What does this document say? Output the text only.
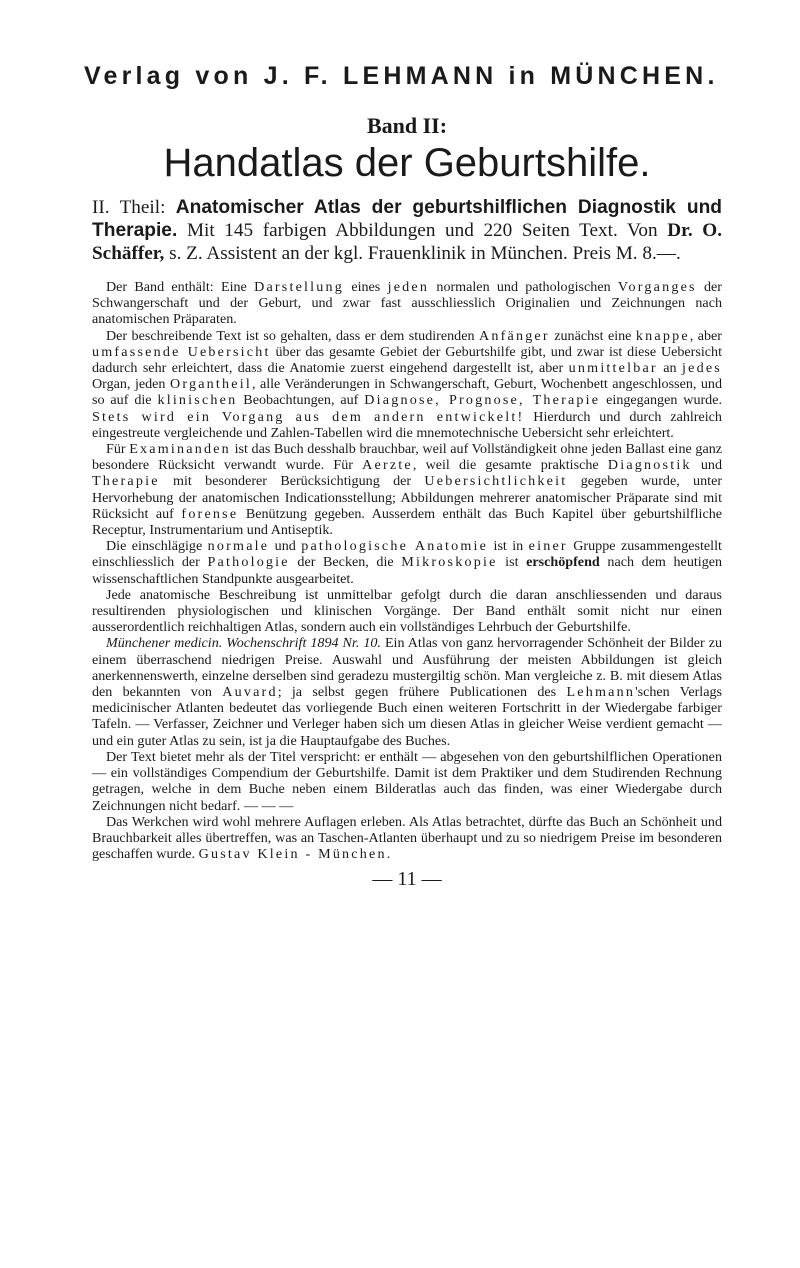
Verlag von J. F. LEHMANN in MÜNCHEN.
Band II:
Handatlas der Geburtshilfe.
II. Theil: Anatomischer Atlas der geburtshilflichen Diagnostik und Therapie. Mit 145 farbigen Abbildungen und 220 Seiten Text. Von Dr. O. Schäffer, s. Z. Assistent an der kgl. Frauenklinik in München. Preis M. 8.—.

Der Band enthält: Eine Darstellung eines jeden normalen und pathologischen Vorganges der Schwangerschaft und der Geburt, und zwar fast ausschliesslich Originalien und Zeichnungen nach anatomischen Präparaten.

Der beschreibende Text ist so gehalten, dass er dem studirenden Anfänger zunächst eine knappe, aber umfassende Uebersicht über das gesamte Gebiet der Geburtshilfe gibt, und zwar ist diese Uebersicht dadurch sehr erleichtert, dass die Anatomie zuerst eingehend dargestellt ist, aber unmittelbar an jedes Organ, jeden Organtheil, alle Veränderungen in Schwangerschaft, Geburt, Wochenbett angeschlossen, und so auf die klinischen Beobachtungen, auf Diagnose, Prognose, Therapie eingegangen wurde. Stets wird ein Vorgang aus dem andern entwickelt! Hierdurch und durch zahlreich eingestreute vergleichende und Zahlen-Tabellen wird die mnemotechnische Uebersicht sehr erleichtert.

Für Examinanden ist das Buch desshalb brauchbar, weil auf Vollständigkeit ohne jeden Ballast eine ganz besondere Rücksicht verwandt wurde. Für Aerzte, weil die gesamte praktische Diagnostik und Therapie mit besonderer Berücksichtigung der Uebersichtlichkeit gegeben wurde, unter Hervorhebung der anatomischen Indicationsstellung; Abbildungen mehrerer anatomischer Präparate sind mit Rücksicht auf forense Benützung gegeben. Ausserdem enthält das Buch Kapitel über geburtshilfliche Receptur, Instrumentarium und Antiseptik.

Die einschlägige normale und pathologische Anatomie ist in einer Gruppe zusammengestellt einschliesslich der Pathologie der Becken, die Mikroskopie ist erschöpfend nach dem heutigen wissenschaftlichen Standpunkte ausgearbeitet.

Jede anatomische Beschreibung ist unmittelbar gefolgt durch die daran anschliessenden und daraus resultirenden physiologischen und klinischen Vorgänge. Der Band enthält somit nicht nur einen ausserordentlich reichhaltigen Atlas, sondern auch ein vollständiges Lehrbuch der Geburtshilfe.

Münchener medicin. Wochenschrift 1894 Nr. 10. Ein Atlas von ganz hervorragender Schönheit der Bilder zu einem überraschend niedrigen Preise. Auswahl und Ausführung der meisten Abbildungen ist gleich anerkennenswerth, einzelne derselben sind geradezu mustergiltig schön. Man vergleiche z. B. mit diesem Atlas den bekannten von Auvard; ja selbst gegen frühere Publicationen des Lehmann'schen Verlags medicinischer Atlanten bedeutet das vorliegende Buch einen weiteren Fortschritt in der Wiedergabe farbiger Tafeln. — Verfasser, Zeichner und Verleger haben sich um diesen Atlas in gleicher Weise verdient gemacht — und ein guter Atlas zu sein, ist ja die Hauptaufgabe des Buches.

Der Text bietet mehr als der Titel verspricht: er enthält — abgesehen von den geburtshilflichen Operationen — ein vollständiges Compendium der Geburtshilfe. Damit ist dem Praktiker und dem Studirenden Rechnung getragen, welche in dem Buche neben einem Bilderatlas auch das finden, was einer Wiedergabe durch Zeichnungen nicht bedarf. — — —

Das Werkchen wird wohl mehrere Auflagen erleben. Als Atlas betrachtet, dürfte das Buch an Schönheit und Brauchbarkeit alles übertreffen, was an Taschen-Atlanten überhaupt und zu so niedrigem Preise im besonderen geschaffen wurde. Gustav Klein - München.

— 11 —
